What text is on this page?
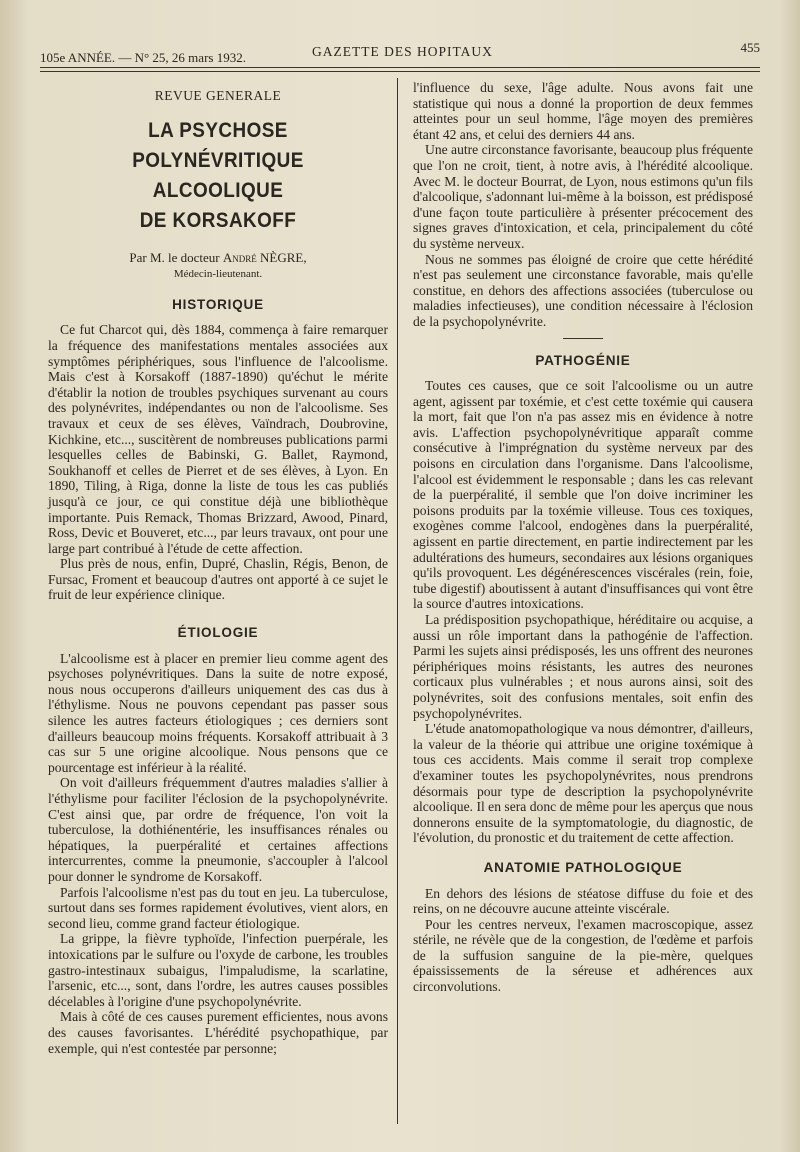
105e ANNÉE. — N° 25, 26 mars 1932.	GAZETTE DES HOPITAUX	455
REVUE GENERALE
LA PSYCHOSE POLYNÉVRITIQUE ALCOOLIQUE
DE KORSAKOFF
Par M. le docteur André NÈGRE,
Médecin-lieutenant.
HISTORIQUE

Ce fut Charcot qui, dès 1884, commença à faire remarquer la fréquence des manifestations mentales associées aux symptômes périphériques, sous l'influence de l'alcoolisme. Mais c'est à Korsakoff (1887-1890) qu'échut le mérite d'établir la notion de troubles psychiques survenant au cours des polynévrites, indépendantes ou non de l'alcoolisme. Ses travaux et ceux de ses élèves, Vaïndrach, Doubrovine, Kichkine, etc..., suscitèrent de nombreuses publications parmi lesquelles celles de Babinski, G. Ballet, Raymond, Soukhanoff et celles de Pierret et de ses élèves, à Lyon. En 1890, Tiling, à Riga, donne la liste de tous les cas publiés jusqu'à ce jour, ce qui constitue déjà une bibliothèque importante. Puis Remack, Thomas Brizzard, Awood, Pinard, Ross, Devic et Bouveret, etc..., par leurs travaux, ont pour une large part contribué à l'étude de cette affection.

Plus près de nous, enfin, Dupré, Chaslin, Régis, Benon, de Fursac, Froment et beaucoup d'autres ont apporté à ce sujet le fruit de leur expérience clinique.

ÉTIOLOGIE

L'alcoolisme est à placer en premier lieu comme agent des psychoses polynévritiques. Dans la suite de notre exposé, nous nous occuperons d'ailleurs uniquement des cas dus à l'éthylisme. Nous ne pouvons cependant pas passer sous silence les autres facteurs étiologiques ; ces derniers sont d'ailleurs beaucoup moins fréquents. Korsakoff attribuait à 3 cas sur 5 une origine alcoolique. Nous pensons que ce pourcentage est inférieur à la réalité.

On voit d'ailleurs fréquemment d'autres maladies s'allier à l'éthylisme pour faciliter l'éclosion de la psychopolynévrite. C'est ainsi que, par ordre de fréquence, l'on voit la tuberculose, la dothiénentérie, les insuffisances rénales ou hépatiques, la puerpéralité et certaines affections intercurrentes, comme la pneumonie, s'accoupler à l'alcool pour donner le syndrome de Korsakoff.

Parfois l'alcoolisme n'est pas du tout en jeu. La tuberculose, surtout dans ses formes rapidement évolutives, vient alors, en second lieu, comme grand facteur étiologique.

La grippe, la fièvre typhoïde, l'infection puerpérale, les intoxications par le sulfure ou l'oxyde de carbone, les troubles gastro-intestinaux subaigus, l'impaludisme, la scarlatine, l'arsenic, etc..., sont, dans l'ordre, les autres causes possibles décelables à l'origine d'une psychopolynévrite.

Mais à côté de ces causes purement efficientes, nous avons des causes favorisantes. L'hérédité psychopathique, par exemple, qui n'est contestée par personne;

l'influence du sexe, l'âge adulte. Nous avons fait une statistique qui nous a donné la proportion de deux femmes atteintes pour un seul homme, l'âge moyen des premières étant 42 ans, et celui des derniers 44 ans.

Une autre circonstance favorisante, beaucoup plus fréquente que l'on ne croit, tient, à notre avis, à l'hérédité alcoolique. Avec M. le docteur Bourrat, de Lyon, nous estimons qu'un fils d'alcoolique, s'adonnant lui-même à la boisson, est prédisposé d'une façon toute particulière à présenter précocement des signes graves d'intoxication, et cela, principalement du côté du système nerveux.

Nous ne sommes pas éloigné de croire que cette hérédité n'est pas seulement une circonstance favorable, mais qu'elle constitue, en dehors des affections associées (tuberculose ou maladies infectieuses), une condition nécessaire à l'éclosion de la psychopolynévrite.

PATHOGÉNIE

Toutes ces causes, que ce soit l'alcoolisme ou un autre agent, agissent par toxémie, et c'est cette toxémie qui causera la mort, fait que l'on n'a pas assez mis en évidence à notre avis. L'affection psychopolynévritique apparaît comme consécutive à l'imprégnation du système nerveux par des poisons en circulation dans l'organisme. Dans l'alcoolisme, l'alcool est évidemment le responsable ; dans les cas relevant de la puerpéralité, il semble que l'on doive incriminer les poisons produits par la toxémie villeuse. Tous ces toxiques, exogènes comme l'alcool, endogènes dans la puerpéralité, agissent en partie directement, en partie indirectement par les adultérations des humeurs, secondaires aux lésions organiques qu'ils provoquent. Les dégénérescences viscérales (rein, foie, tube digestif) aboutissent à autant d'insuffisances qui vont être la source d'autres intoxications.

La prédisposition psychopathique, héréditaire ou acquise, a aussi un rôle important dans la pathogénie de l'affection. Parmi les sujets ainsi prédisposés, les uns offrent des neurones périphériques moins résistants, les autres des neurones corticaux plus vulnérables ; et nous aurons ainsi, soit des polynévrites, soit des confusions mentales, soit enfin des psychopolynévrites.

L'étude anatomopathologique va nous démontrer, d'ailleurs, la valeur de la théorie qui attribue une origine toxémique à tous ces accidents. Mais comme il serait trop complexe d'examiner toutes les psychopolynévrites, nous prendrons désormais pour type de description la psychopolynévrite alcoolique. Il en sera donc de même pour les aperçus que nous donnerons ensuite de la symptomatologie, du diagnostic, de l'évolution, du pronostic et du traitement de cette affection.

ANATOMIE PATHOLOGIQUE

En dehors des lésions de stéatose diffuse du foie et des reins, on ne découvre aucune atteinte viscérale.

Pour les centres nerveux, l'examen macroscopique, assez stérile, ne révèle que de la congestion, de l'œdème et parfois de la suffusion sanguine de la pie-mère, quelques épaississements de la séreuse et adhérences aux circonvolutions.
